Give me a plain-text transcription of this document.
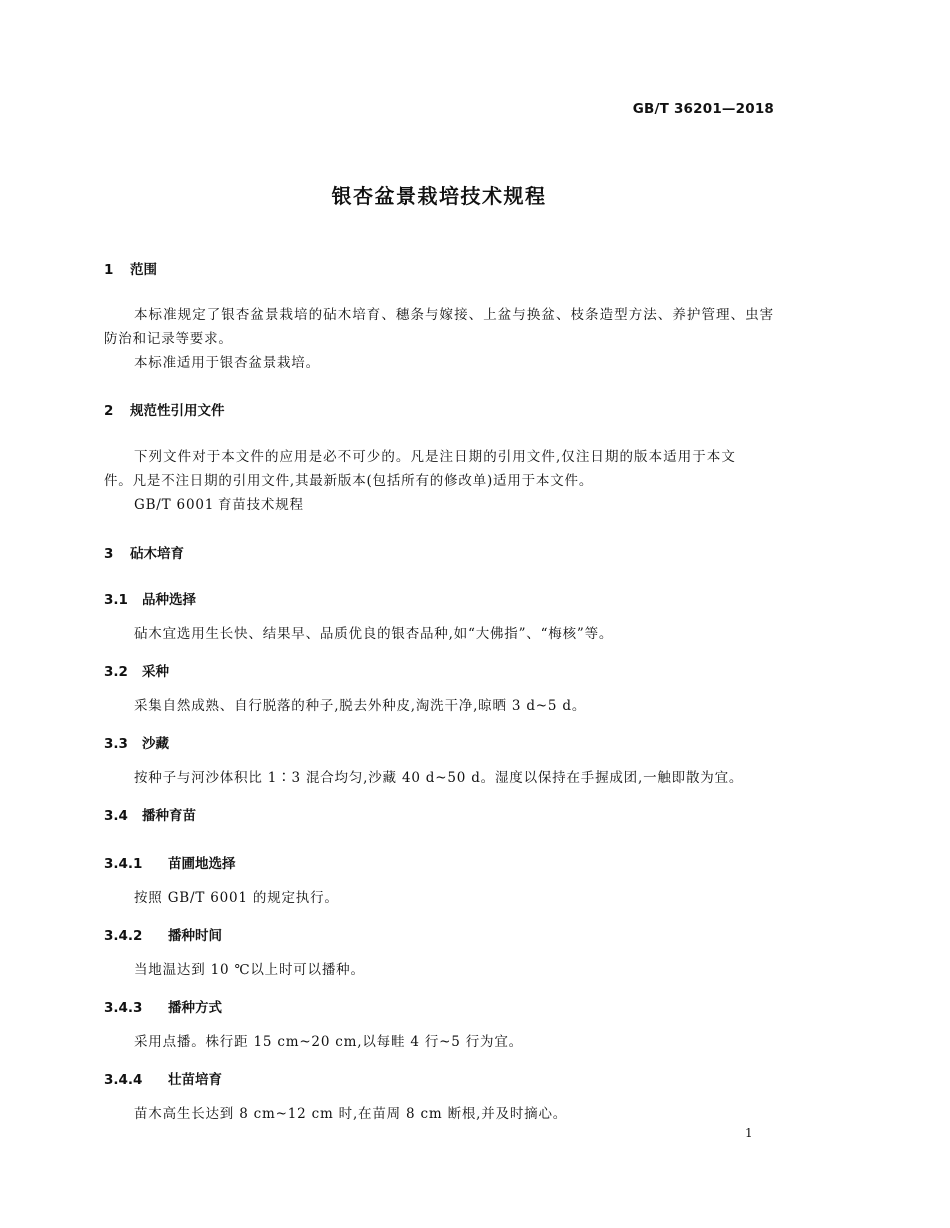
GB/T 36201—2018
银杏盆景栽培技术规程
1 范围
本标准规定了银杏盆景栽培的砧木培育、穗条与嫁接、上盆与换盆、枝条造型方法、养护管理、虫害
防治和记录等要求。
本标准适用于银杏盆景栽培。
2 规范性引用文件
下列文件对于本文件的应用是必不可少的。凡是注日期的引用文件,仅注日期的版本适用于本文
件。凡是不注日期的引用文件,其最新版本(包括所有的修改单)适用于本文件。
GB/T 6001 育苗技术规程
3 砧木培育
3.1 品种选择
砧木宜选用生长快、结果早、品质优良的银杏品种,如“大佛指”、“梅核”等。
3.2 采种
采集自然成熟、自行脱落的种子,脱去外种皮,淘洗干净,晾晒 3 d~5 d。
3.3 沙藏
按种子与河沙体积比 1∶3 混合均匀,沙藏 40 d~50 d。湿度以保持在手握成团,一触即散为宜。
3.4 播种育苗
3.4.1 苗圃地选择
按照 GB/T 6001 的规定执行。
3.4.2 播种时间
当地温达到 10 ℃以上时可以播种。
3.4.3 播种方式
采用点播。株行距 15 cm~20 cm,以每畦 4 行~5 行为宜。
3.4.4 壮苗培育
苗木高生长达到 8 cm~12 cm 时,在苗周 8 cm 断根,并及时摘心。
1
